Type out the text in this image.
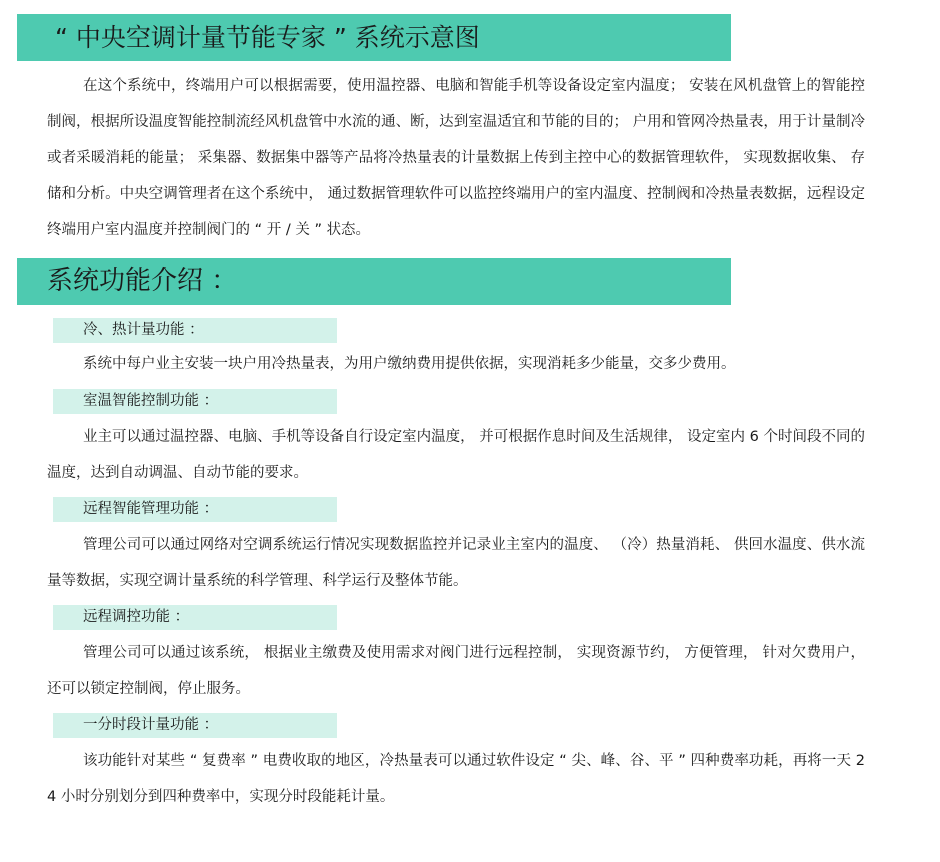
“ 中央空调计量节能专家 ” 系统示意图

在这个系统中，终端用户可以根据需要，使用温控器、电脑和智能手机等设备设定室内温度； 安装在风机盘管上的智能控制阀，根据所设温度智能控制流经风机盘管中水流的通、断，达到室温适宜和节能的目的； 户用和管网冷热量表，用于计量制冷或者采暖消耗的能量； 采集器、数据集中器等产品将冷热量表的计量数据上传到主控中心的数据管理软件， 实现数据收集、 存储和分析。中央空调管理者在这个系统中， 通过数据管理软件可以监控终端用户的室内温度、控制阀和冷热量表数据，远程设定终端用户室内温度并控制阀门的 “ 开 / 关 ” 状态。

系统功能介绍 ：
冷、热计量功能 ：

系统中每户业主安装一块户用冷热量表，为用户缴纳费用提供依据，实现消耗多少能量，交多少费用。

室温智能控制功能 ：

业主可以通过温控器、电脑、手机等设备自行设定室内温度， 并可根据作息时间及生活规律， 设定室内 6 个时间段不同的温度，达到自动调温、自动节能的要求。

远程智能管理功能 ：

管理公司可以通过网络对空调系统运行情况实现数据监控并记录业主室内的温度、 （冷）热量消耗、 供回水温度、供水流量等数据，实现空调计量系统的科学管理、科学运行及整体节能。

远程调控功能 ：

管理公司可以通过该系统， 根据业主缴费及使用需求对阀门进行远程控制， 实现资源节约， 方便管理， 针对欠费用户，还可以锁定控制阀，停止服务。

一分时段计量功能 ：

该功能针对某些 “ 复费率 ” 电费收取的地区，冷热量表可以通过软件设定 “ 尖、峰、谷、平 ” 四种费率功耗，再将一天 24 小时分别划分到四种费率中，实现分时段能耗计量。
